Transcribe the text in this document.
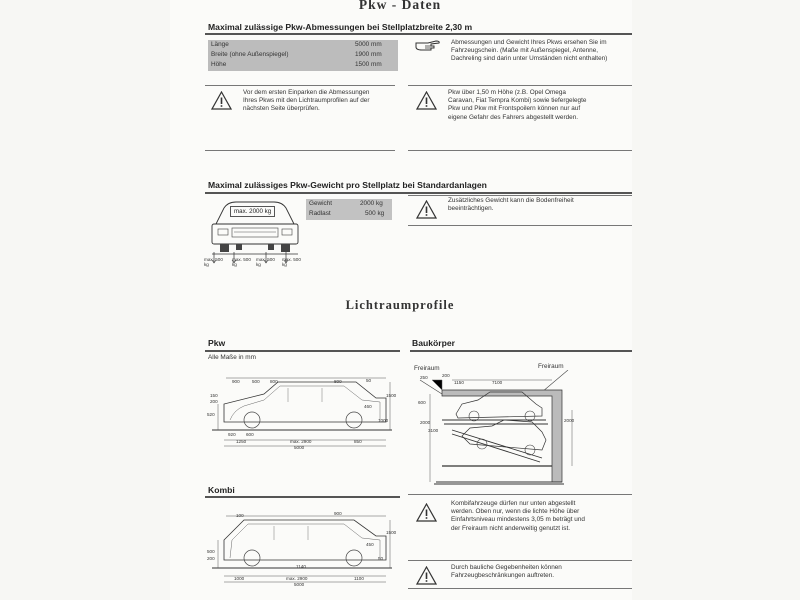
Pkw - Daten
Maximal zulässige Pkw-Abmessungen bei Stellplatzbreite 2,30 m
Länge	5000 mm
Breite (ohne Außenspiegel)	1900 mm
Höhe	1500 mm
Abmessungen und Gewicht Ihres Pkws ersehen Sie im Fahrzeugschein. (Maße mit Außenspiegel, Antenne, Dachreling sind darin unter Umständen nicht enthalten)
Vor dem ersten Einparken die Abmessungen Ihres Pkws mit den Lichtraumprofilen auf der nächsten Seite überprüfen.
Pkw über 1,50 m Höhe (z.B. Opel Omega Caravan, Fiat Tempra Kombi) sowie tiefergelegte Pkw und Pkw mit Frontspoilern können nur auf eigene Gefahr des Fahrers abgestellt werden.
Maximal zulässiges Pkw-Gewicht pro Stellplatz bei Standardanlagen
max. 2000 kg
max. 500 kg
max. 500 kg
max. 500 kg
max. 500 kg
Gewicht	2000 kg
Radlast	500 kg
Zusätzliches Gewicht kann die Bodenfreiheit beeinträchtigen.
Lichtraumprofile
Pkw
Alle Maße in mm
900	500 800	800
150
200
50
1500
460
1000
520
920 600
1250	max. 2900	850
5000
Baukörper
Freiraum	Freiraum
250	200
1150	7100
600
2000
3100
2000
Kombi
100	900
1500
450
50
500
200
1140
1000	max. 2900	1100
5000
Kombifahrzeuge dürfen nur unten abgestellt werden. Oben nur, wenn die lichte Höhe über Einfahrtsniveau mindestens 3,05 m beträgt und der Freiraum nicht anderweitig genutzt ist.
Durch bauliche Gegebenheiten können Fahrzeugbeschränkungen auftreten.
